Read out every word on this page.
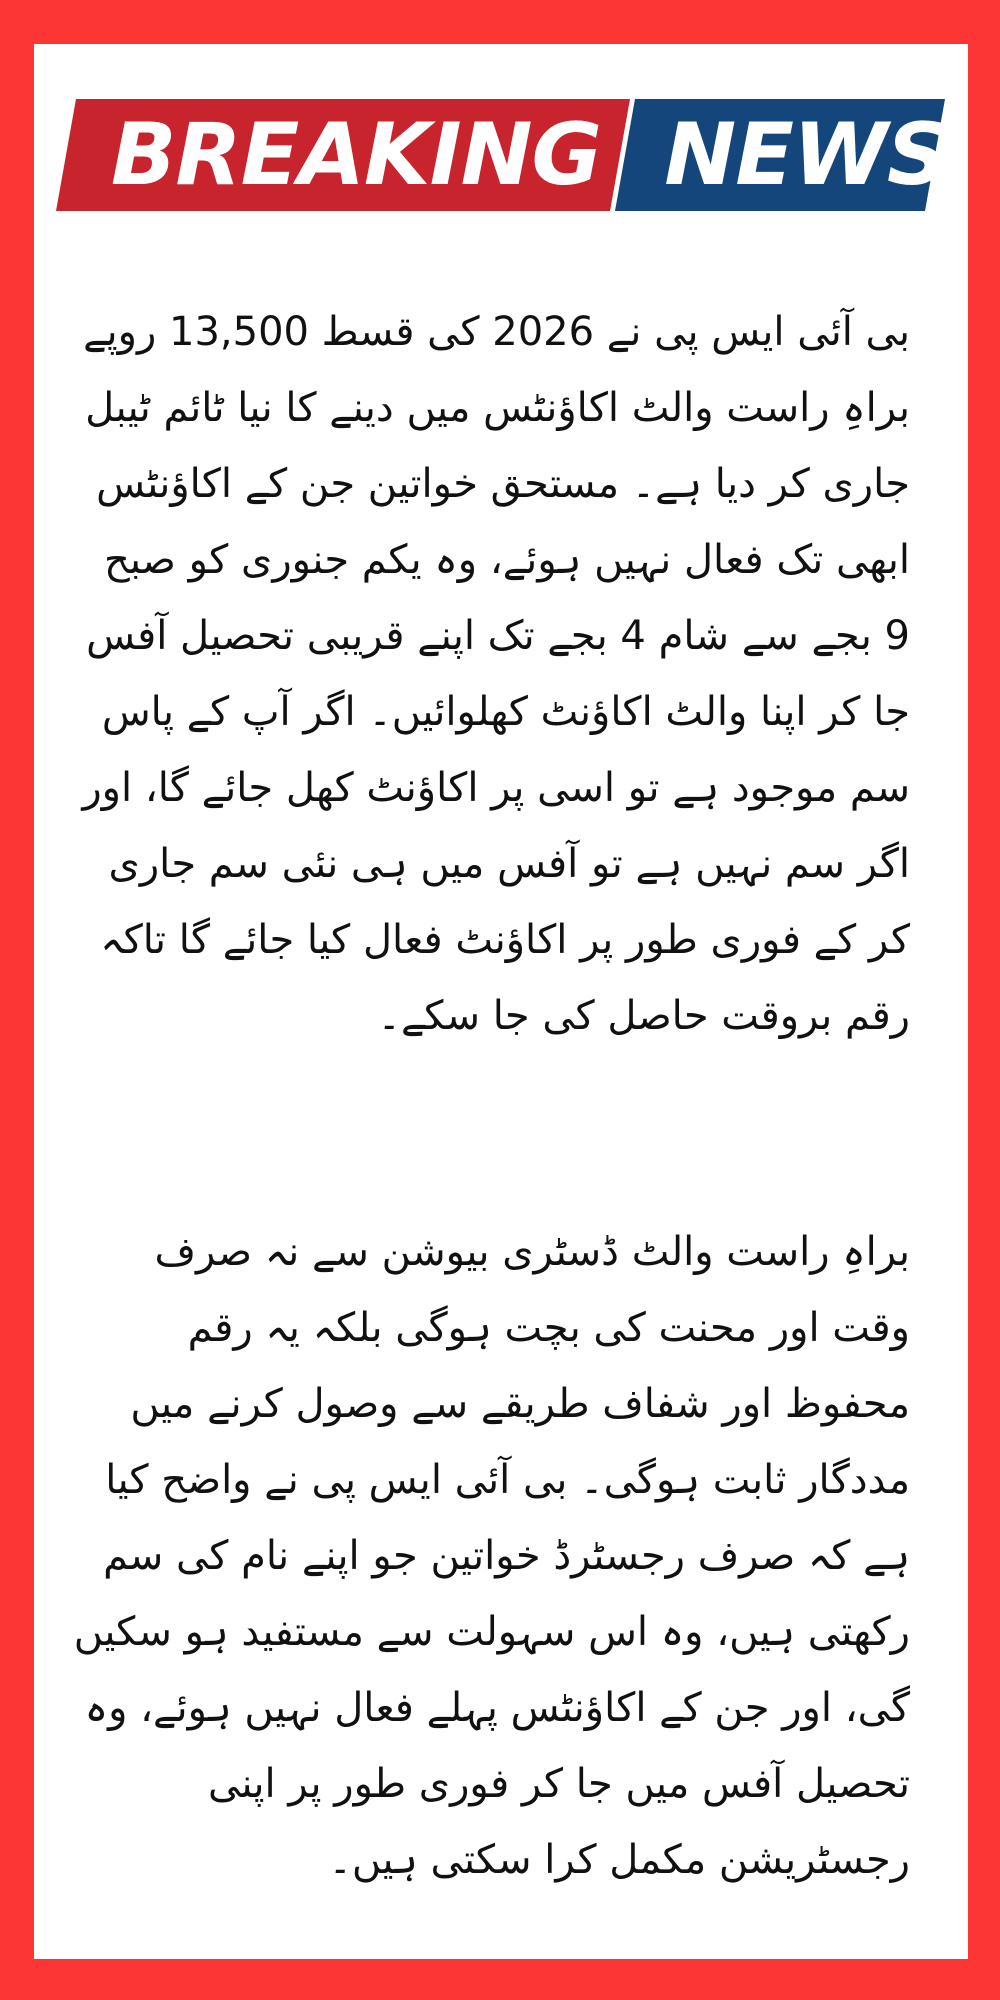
BREAKING NEWS

بی آئی ایس پی نے 2026 کی قسط 13,500 روپے براہِ راست والٹ اکاؤنٹس میں دینے کا نیا ٹائم ٹیبل جاری کر دیا ہے۔ مستحق خواتین جن کے اکاؤنٹس ابھی تک فعال نہیں ہوئے، وہ یکم جنوری کو صبح 9 بجے سے شام 4 بجے تک اپنے قریبی تحصیل آفس جا کر اپنا والٹ اکاؤنٹ کھلوائیں۔ اگر آپ کے پاس سم موجود ہے تو اسی پر اکاؤنٹ کھل جائے گا، اور اگر سم نہیں ہے تو آفس میں ہی نئی سم جاری کر کے فوری طور پر اکاؤنٹ فعال کیا جائے گا تاکہ رقم بروقت حاصل کی جا سکے۔

براہِ راست والٹ ڈسٹری بیوشن سے نہ صرف وقت اور محنت کی بچت ہوگی بلکہ یہ رقم محفوظ اور شفاف طریقے سے وصول کرنے میں مددگار ثابت ہوگی۔ بی آئی ایس پی نے واضح کیا ہے کہ صرف رجسٹرڈ خواتین جو اپنے نام کی سم رکھتی ہیں، وہ اس سہولت سے مستفید ہو سکیں گی، اور جن کے اکاؤنٹس پہلے فعال نہیں ہوئے، وہ تحصیل آفس میں جا کر فوری طور پر اپنی رجسٹریشن مکمل کرا سکتی ہیں۔
